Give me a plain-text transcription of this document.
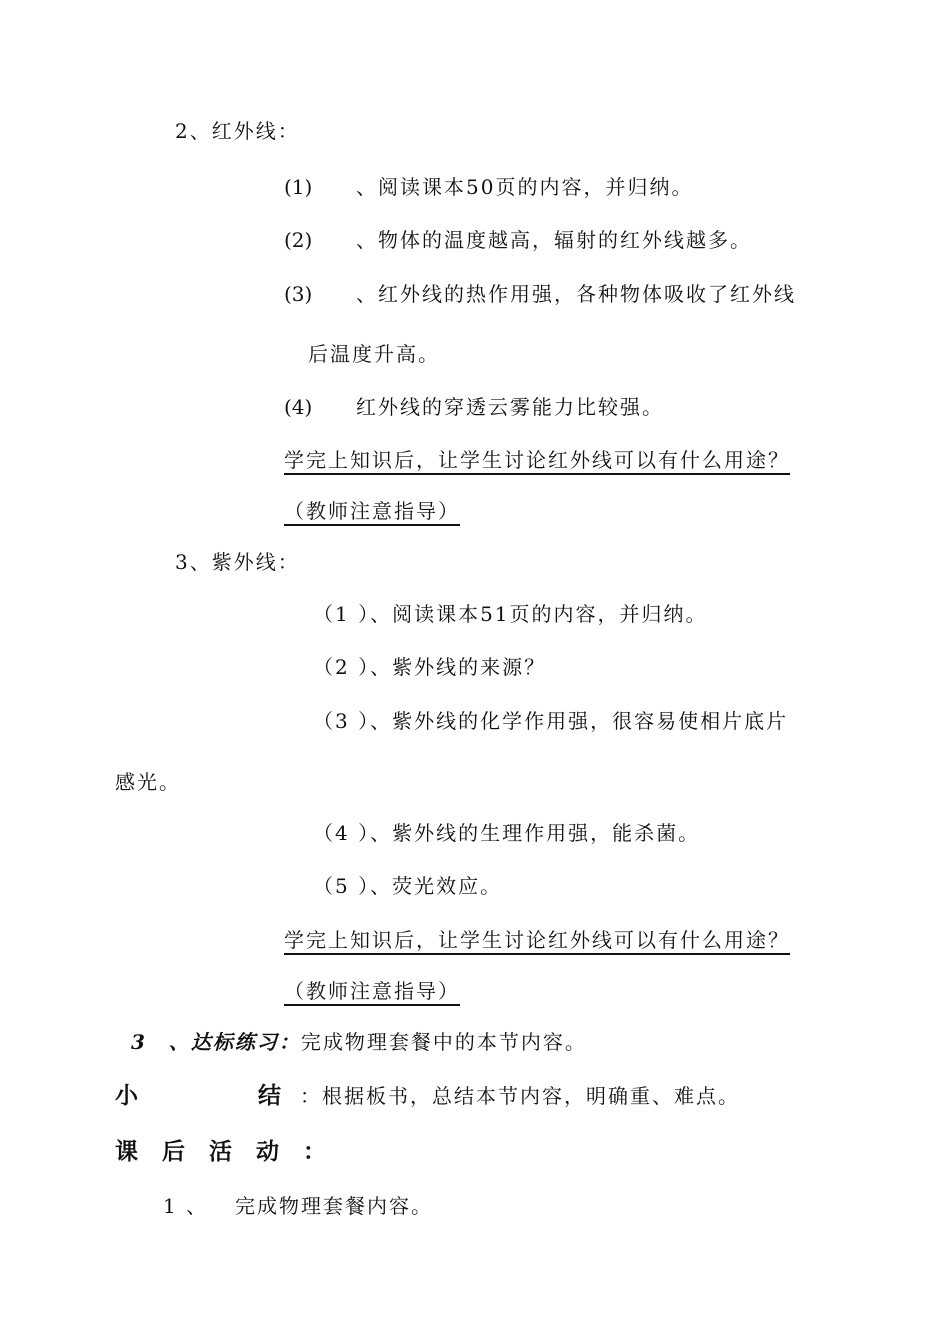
2、红外线：
(1) 、阅读课本50页的内容，并归纳。
(2) 、物体的温度越高，辐射的红外线越多。
(3) 、红外线的热作用强，各种物体吸收了红外线
后温度升高。
(4) 红外线的穿透云雾能力比较强。
学完上知识后，让学生讨论红外线可以有什么用途？
（教师注意指导）
3、紫外线：
（1 ）、阅读课本51页的内容，并归纳。
（2 ）、紫外线的来源？
（3 ）、紫外线的化学作用强，很容易使相片底片
感光。
（4 ）、紫外线的生理作用强，能杀菌。
（5 ）、荧光效应。
学完上知识后，让学生讨论红外线可以有什么用途？
（教师注意指导）
3　、达标练习：完成物理套餐中的本节内容。
小	结 ：根据板书，总结本节内容，明确重、难点。
课 后 活 动 ：
1 、 完成物理套餐内容。
